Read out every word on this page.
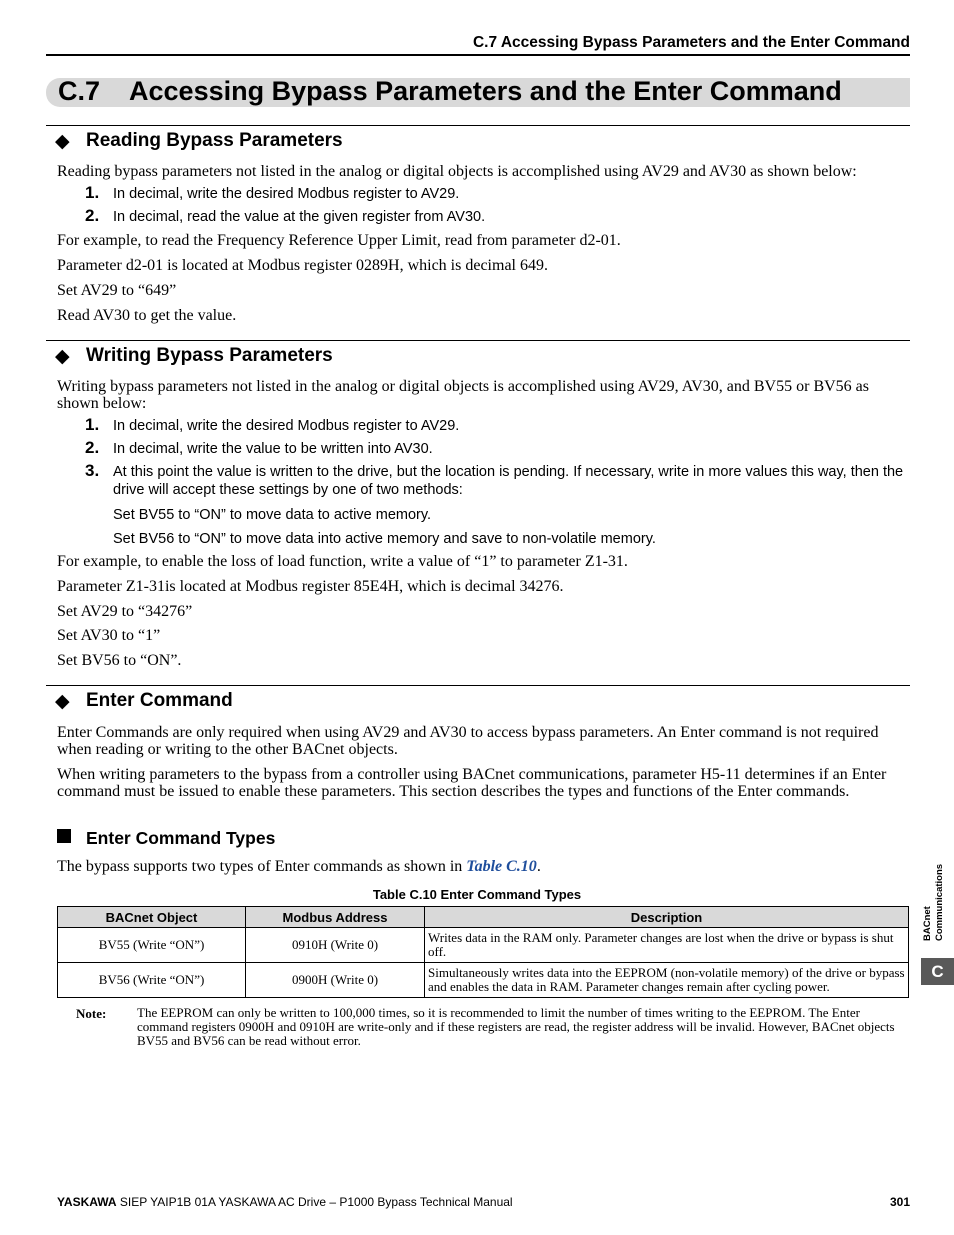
C.7 Accessing Bypass Parameters and the Enter Command
C.7    Accessing Bypass Parameters and the Enter Command
◆ Reading Bypass Parameters
Reading bypass parameters not listed in the analog or digital objects is accomplished using AV29 and AV30 as shown below:
1. In decimal, write the desired Modbus register to AV29.
2. In decimal, read the value at the given register from AV30.
For example, to read the Frequency Reference Upper Limit, read from parameter d2-01.
Parameter d2-01 is located at Modbus register 0289H, which is decimal 649.
Set AV29 to “649”
Read AV30 to get the value.
◆ Writing Bypass Parameters
Writing bypass parameters not listed in the analog or digital objects is accomplished using AV29, AV30, and BV55 or BV56 as shown below:
1. In decimal, write the desired Modbus register to AV29.
2. In decimal, write the value to be written into AV30.
3. At this point the value is written to the drive, but the location is pending. If necessary, write in more values this way, then the drive will accept these settings by one of two methods:
Set BV55 to “ON” to move data to active memory.
Set BV56 to “ON” to move data into active memory and save to non-volatile memory.
For example, to enable the loss of load function, write a value of “1” to parameter Z1-31.
Parameter Z1-31is located at Modbus register 85E4H, which is decimal 34276.
Set AV29 to “34276”
Set AV30 to “1”
Set BV56 to “ON”.
◆ Enter Command
Enter Commands are only required when using AV29 and AV30 to access bypass parameters. An Enter command is not required when reading or writing to the other BACnet objects.
When writing parameters to the bypass from a controller using BACnet communications, parameter H5-11 determines if an Enter command must be issued to enable these parameters. This section describes the types and functions of the Enter commands.
Enter Command Types
The bypass supports two types of Enter commands as shown in Table C.10.
Table C.10 Enter Command Types
BACnet Object	Modbus Address	Description
BV55 (Write “ON”)	0910H (Write 0)	Writes data in the RAM only. Parameter changes are lost when the drive or bypass is shut off.
BV56 (Write “ON”)	0900H (Write 0)	Simultaneously writes data into the EEPROM (non-volatile memory) of the drive or bypass and enables the data in RAM. Parameter changes remain after cycling power.
Note: The EEPROM can only be written to 100,000 times, so it is recommended to limit the number of times writing to the EEPROM. The Enter command registers 0900H and 0910H are write-only and if these registers are read, the register address will be invalid. However, BACnet objects BV55 and BV56 can be read without error.
BACnet Communications
C
YASKAWA SIEP YAIP1B 01A YASKAWA AC Drive – P1000 Bypass Technical Manual	301
